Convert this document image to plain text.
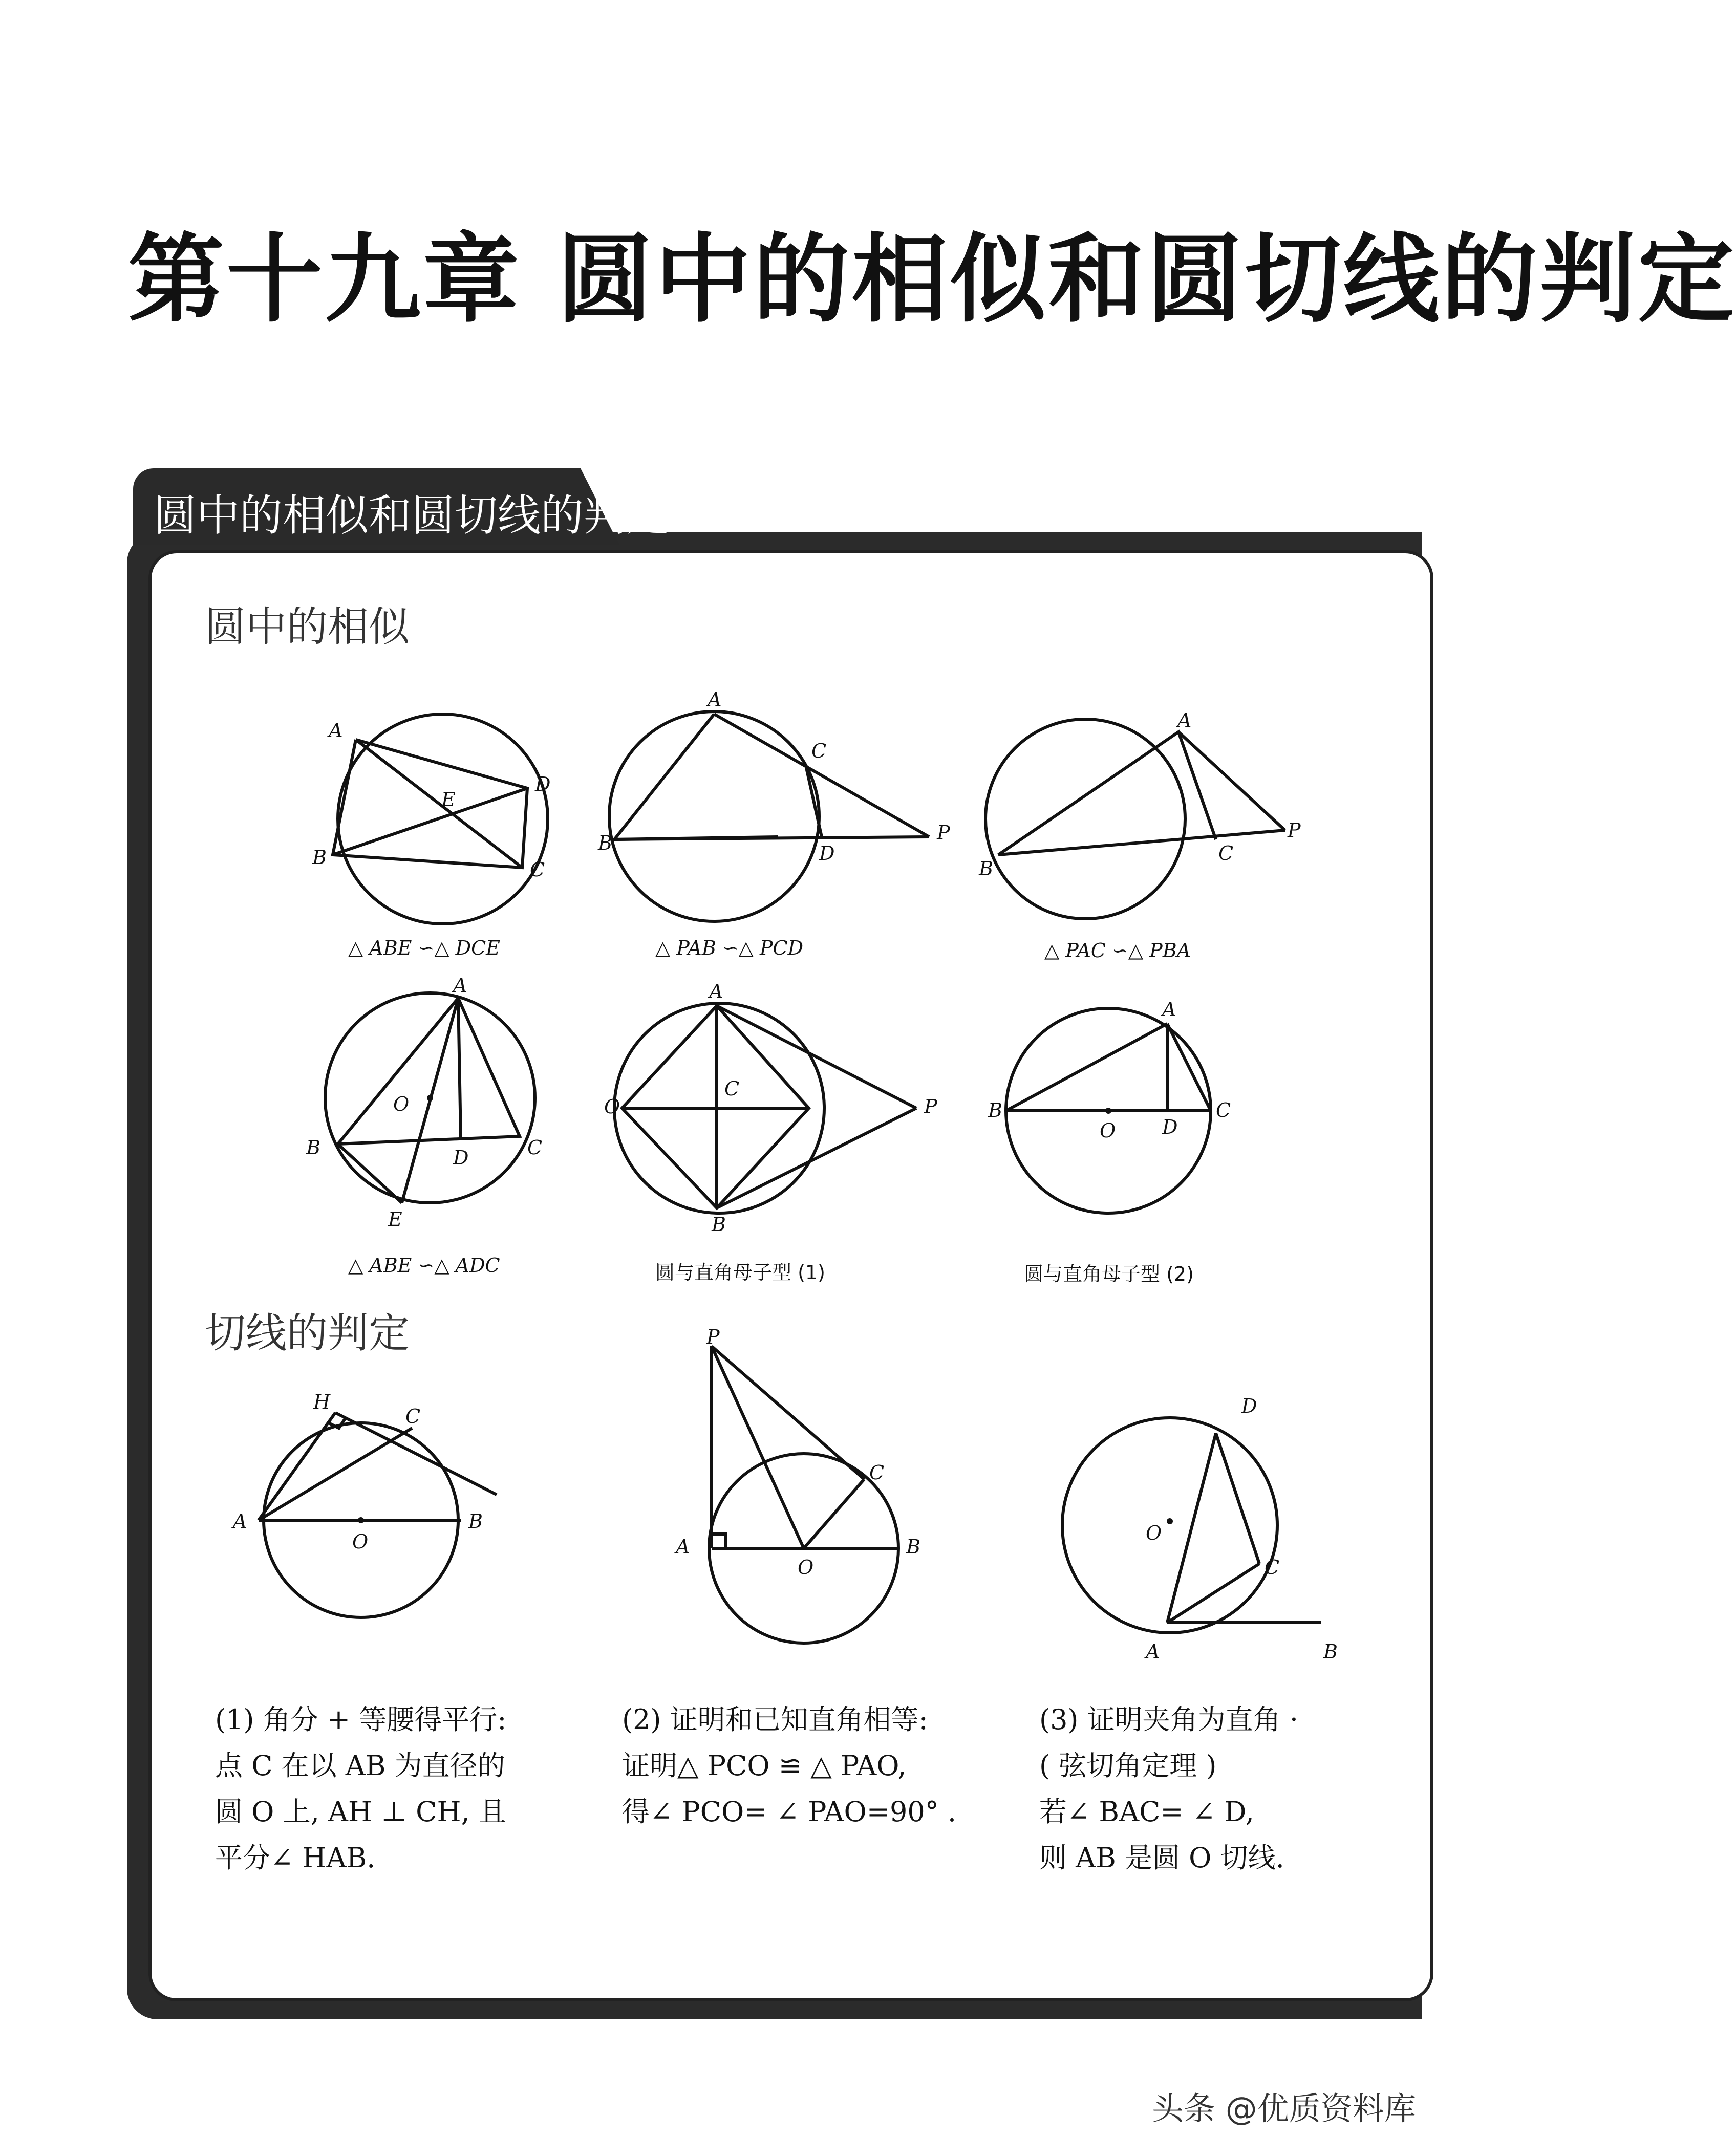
第十九章 圆中的相似和圆切线的判定
圆中的相似和圆切线的判定
圆中的相似
切线的判定
A
E
D
B
C
△ ABE ∽△ DCE
A
C
B	D
P
△ PAB ∽△ PCD
A
B
C
P
△ PAC ∽△ PBA
A
O
B	D	C
E
△ ABE ∽△ ADC
A
O
C
P
B
圆与直角母子型 (1)
A
B
O D
C
圆与直角母子型 (2)
H
C
A
O
B
P
C
A
O
B
D
O
C
A	B
(1) 角分 + 等腰得平行:
点 C 在以 AB 为直径的
圆 O 上, AH ⊥ CH, 且
平分∠ HAB.
(2) 证明和已知直角相等:
证明△ PCO ≌ △ PAO,
得∠ PCO= ∠ PAO=90° .
(3) 证明夹角为直角 ·
( 弦切角定理 )
若∠ BAC= ∠ D,
则 AB 是圆 O 切线.
头条 @优质资料库
